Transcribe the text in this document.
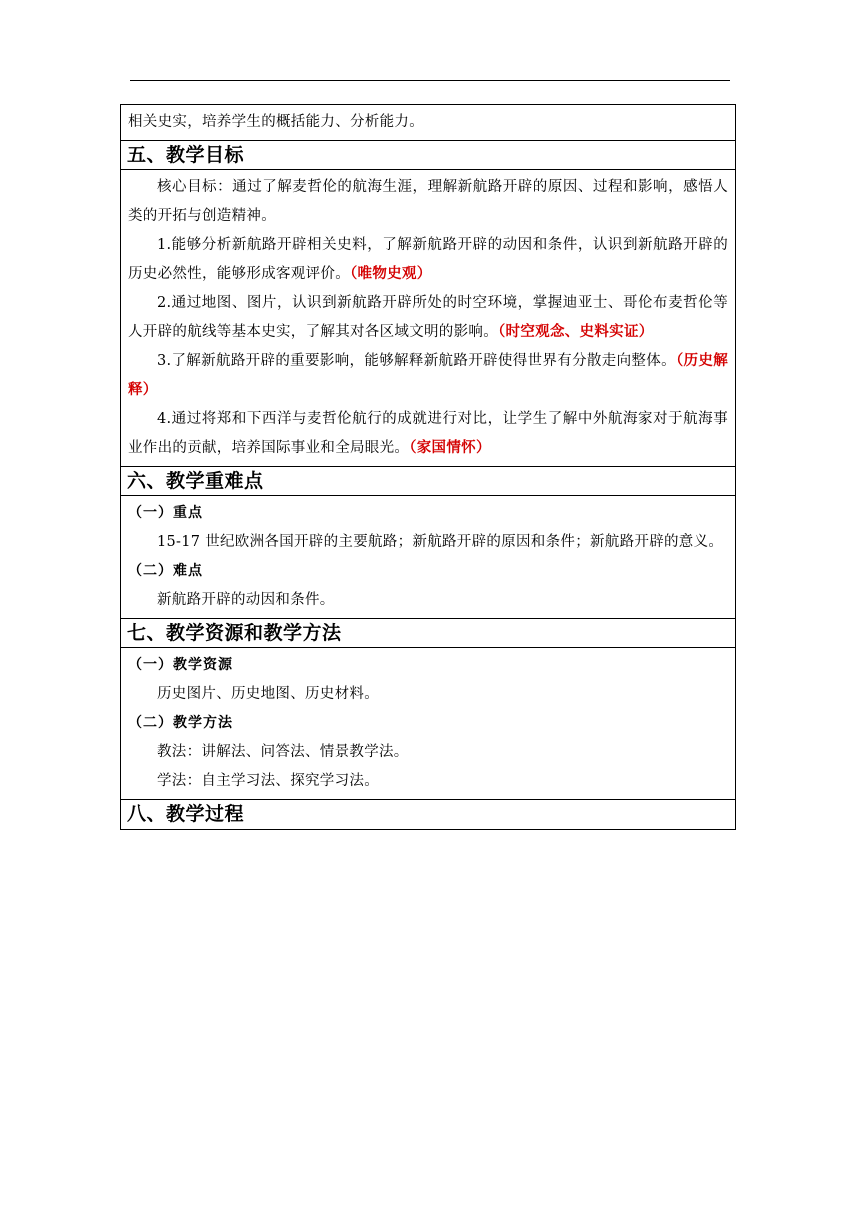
相关史实，培养学生的概括能力、分析能力。

五、教学目标

核心目标：通过了解麦哲伦的航海生涯，理解新航路开辟的原因、过程和影响，感悟人类的开拓与创造精神。

1.能够分析新航路开辟相关史料，了解新航路开辟的动因和条件，认识到新航路开辟的历史必然性，能够形成客观评价。（唯物史观）

2.通过地图、图片，认识到新航路开辟所处的时空环境，掌握迪亚士、哥伦布麦哲伦等人开辟的航线等基本史实，了解其对各区域文明的影响。（时空观念、史料实证）

3.了解新航路开辟的重要影响，能够解释新航路开辟使得世界有分散走向整体。（历史解释）

4.通过将郑和下西洋与麦哲伦航行的成就进行对比，让学生了解中外航海家对于航海事业作出的贡献，培养国际事业和全局眼光。（家国情怀）

六、教学重难点

（一）重点

15-17 世纪欧洲各国开辟的主要航路；新航路开辟的原因和条件；新航路开辟的意义。

（二）难点

新航路开辟的动因和条件。

七、教学资源和教学方法

（一）教学资源

历史图片、历史地图、历史材料。

（二）教学方法

教法：讲解法、问答法、情景教学法。

学法：自主学习法、探究学习法。

八、教学过程
